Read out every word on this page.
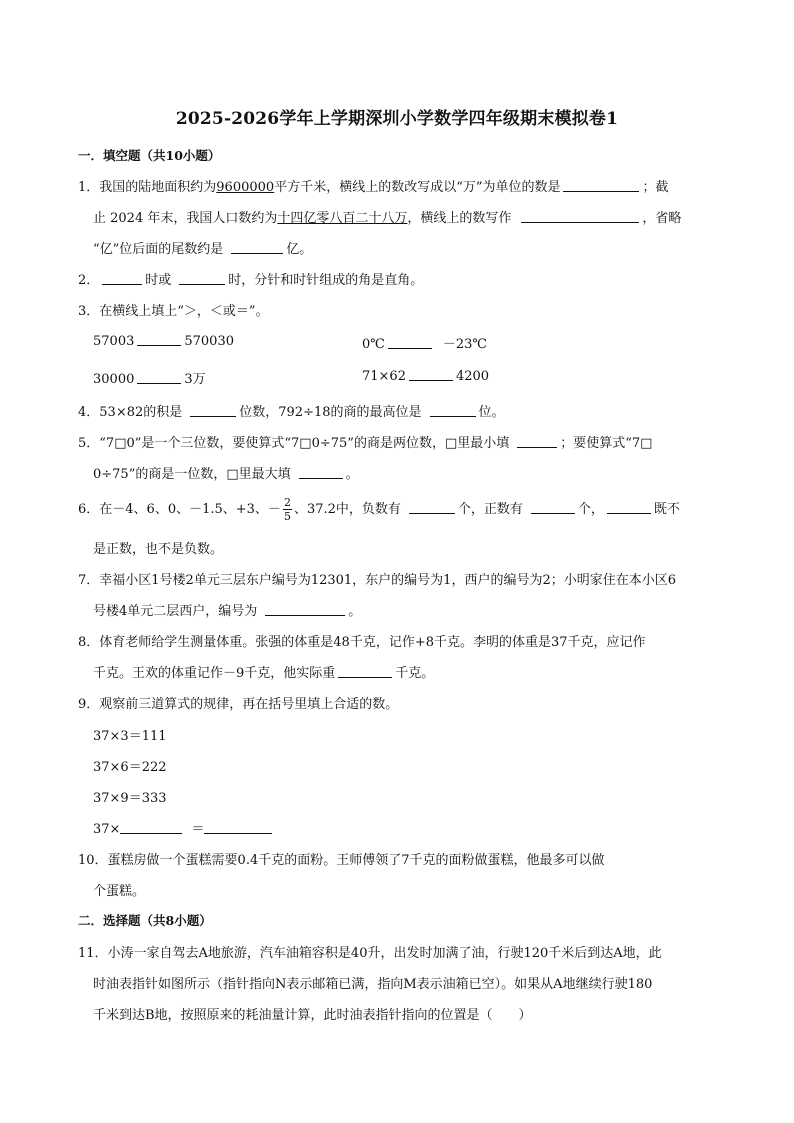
2025-2026学年上学期深圳小学数学四年级期末模拟卷1
一．填空题（共10小题）
1．我国的陆地面积约为9600000平方千米，横线上的数改写成以“万”为单位的数是	；截
止 2024 年末，我国人口数约为十四亿零八百二十八万，横线上的数写作	，省略
“亿”位后面的尾数约是	亿。
2．	时或	时，分针和时针组成的角是直角。
3．在横线上填上“＞，＜或＝”。
57003	570030	0℃	－23℃
30000	3万	71×62	4200
4．53×82的积是	位数，792÷18的商的最高位是	位。
5．“7□0”是一个三位数，要使算式“7□0÷75”的商是两位数，□里最小填	；要使算式“7□
0÷75”的商是一位数，□里最大填	。
6．在－4、6、0、－1.5、+3、－ $\frac{2}{5}$ 、37.2中，负数有	个，正数有	个，	既不
是正数，也不是负数。
7．幸福小区1号楼2单元三层东户编号为12301，东户的编号为1，西户的编号为2；小明家住在本小区6
号楼4单元二层西户，编号为	。
8．体育老师给学生测量体重。张强的体重是48千克，记作+8千克。李明的体重是37千克，应记作
千克。王欢的体重记作－9千克，他实际重	千克。
9．观察前三道算式的规律，再在括号里填上合适的数。
37×3＝111
37×6＝222
37×9＝333
37×	＝
10．蛋糕房做一个蛋糕需要0.4千克的面粉。王师傅领了7千克的面粉做蛋糕，他最多可以做
个蛋糕。
二．选择题（共8小题）
11．小涛一家自驾去A地旅游，汽车油箱容积是40升，出发时加满了油，行驶120千米后到达A地，此
时油表指针如图所示（指针指向N表示邮箱已满，指向M表示油箱已空）。如果从A地继续行驶180
千米到达B地，按照原来的耗油量计算，此时油表指针指向的位置是（　　）
